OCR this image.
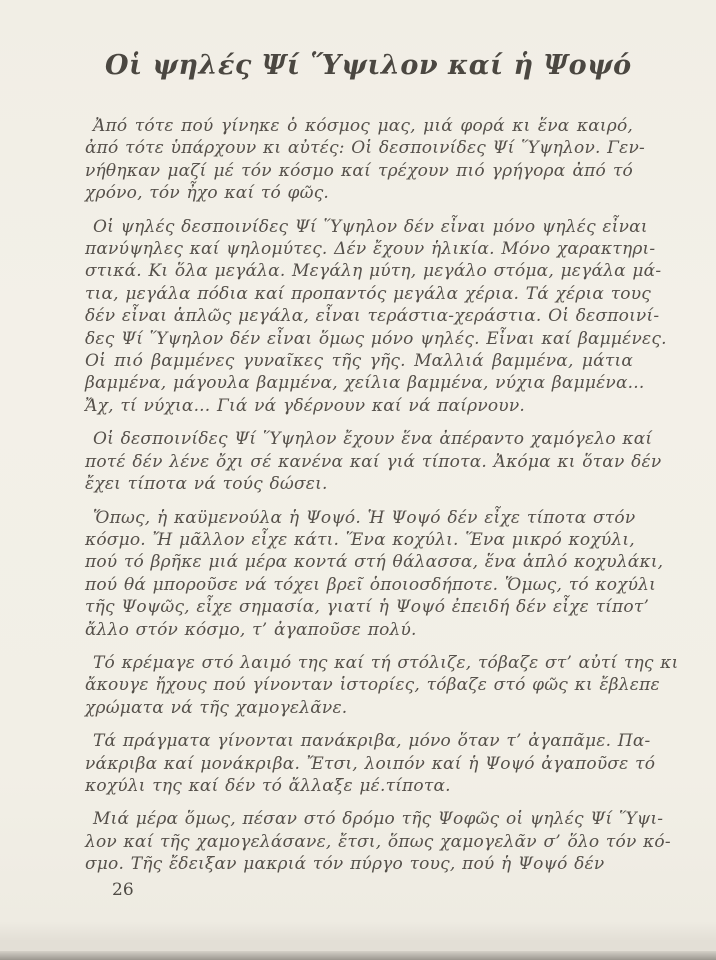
Οἱ ψηλές Ψί Ὕψιλον καί ἡ Ψοψό
Ἀπό τότε πού γίνηκε ὁ κόσμος μας, μιά φορά κι ἕνα καιρό,
ἀπό τότε ὑπάρχουν κι αὐτές: Οἱ δεσποινίδες Ψί Ὕψηλον. Γεν-
νήθηκαν μαζί μέ τόν κόσμο καί τρέχουν πιό γρήγορα ἀπό τό
χρόνο, τόν ἦχο καί τό φῶς.
Οἱ ψηλές δεσποινίδες Ψί Ὕψηλον δέν εἶναι μόνο ψηλές εἶναι
πανύψηλες καί ψηλομύτες. Δέν ἔχουν ἡλικία. Μόνο χαρακτηρι-
στικά. Κι ὅλα μεγάλα. Μεγάλη μύτη, μεγάλο στόμα, μεγάλα μά-
τια, μεγάλα πόδια καί προπαντός μεγάλα χέρια. Τά χέρια τους
δέν εἶναι ἁπλῶς μεγάλα, εἶναι τεράστια-χεράστια. Οἱ δεσποινί-
δες Ψί Ὕψηλον δέν εἶναι ὅμως μόνο ψηλές. Εἶναι καί βαμμένες.
Οἱ πιό βαμμένες γυναῖκες τῆς γῆς. Μαλλιά βαμμένα, μάτια
βαμμένα, μάγουλα βαμμένα, χείλια βαμμένα, νύχια βαμμένα...
Ἄχ, τί νύχια... Γιά νά γδέρνουν καί νά παίρνουν.
Οἱ δεσποινίδες Ψί Ὕψηλον ἔχουν ἕνα ἀπέραντο χαμόγελο καί
ποτέ δέν λένε ὄχι σέ κανένα καί γιά τίποτα. Ἀκόμα κι ὅταν δέν
ἔχει τίποτα νά τούς δώσει.
Ὅπως, ἡ καϋμενούλα ἡ Ψοψό. Ἡ Ψοψό δέν εἶχε τίποτα στόν
κόσμο. Ἤ μᾶλλον εἶχε κάτι. Ἕνα κοχύλι. Ἕνα μικρό κοχύλι,
πού τό βρῆκε μιά μέρα κοντά στή θάλασσα, ἕνα ἁπλό κοχυλάκι,
πού θά μποροῦσε νά τόχει βρεῖ ὁποιοσδήποτε. Ὅμως, τό κοχύλι
τῆς Ψοψῶς, εἶχε σημασία, γιατί ἡ Ψοψό ἐπειδή δέν εἶχε τίποτ’
ἄλλο στόν κόσμο, τ’ ἀγαποῦσε πολύ.
Τό κρέμαγε στό λαιμό της καί τή στόλιζε, τόβαζε στ’ αὐτί της κι
ἄκουγε ἤχους πού γίνονταν ἱστορίες, τόβαζε στό φῶς κι ἔβλεπε
χρώματα νά τῆς χαμογελᾶνε.
Τά πράγματα γίνονται πανάκριβα, μόνο ὅταν τ’ ἀγαπᾶμε. Πα-
νάκριβα καί μονάκριβα. Ἔτσι, λοιπόν καί ἡ Ψοψό ἀγαποῦσε τό
κοχύλι της καί δέν τό ἄλλαξε μέ.τίποτα.
Μιά μέρα ὅμως, πέσαν στό δρόμο τῆς Ψοφῶς οἱ ψηλές Ψί Ὕψι-
λον καί τῆς χαμογελάσανε, ἔτσι, ὅπως χαμογελᾶν σ’ ὅλο τόν κό-
σμο. Τῆς ἔδειξαν μακριά τόν πύργο τους, πού ἡ Ψοψό δέν
26
